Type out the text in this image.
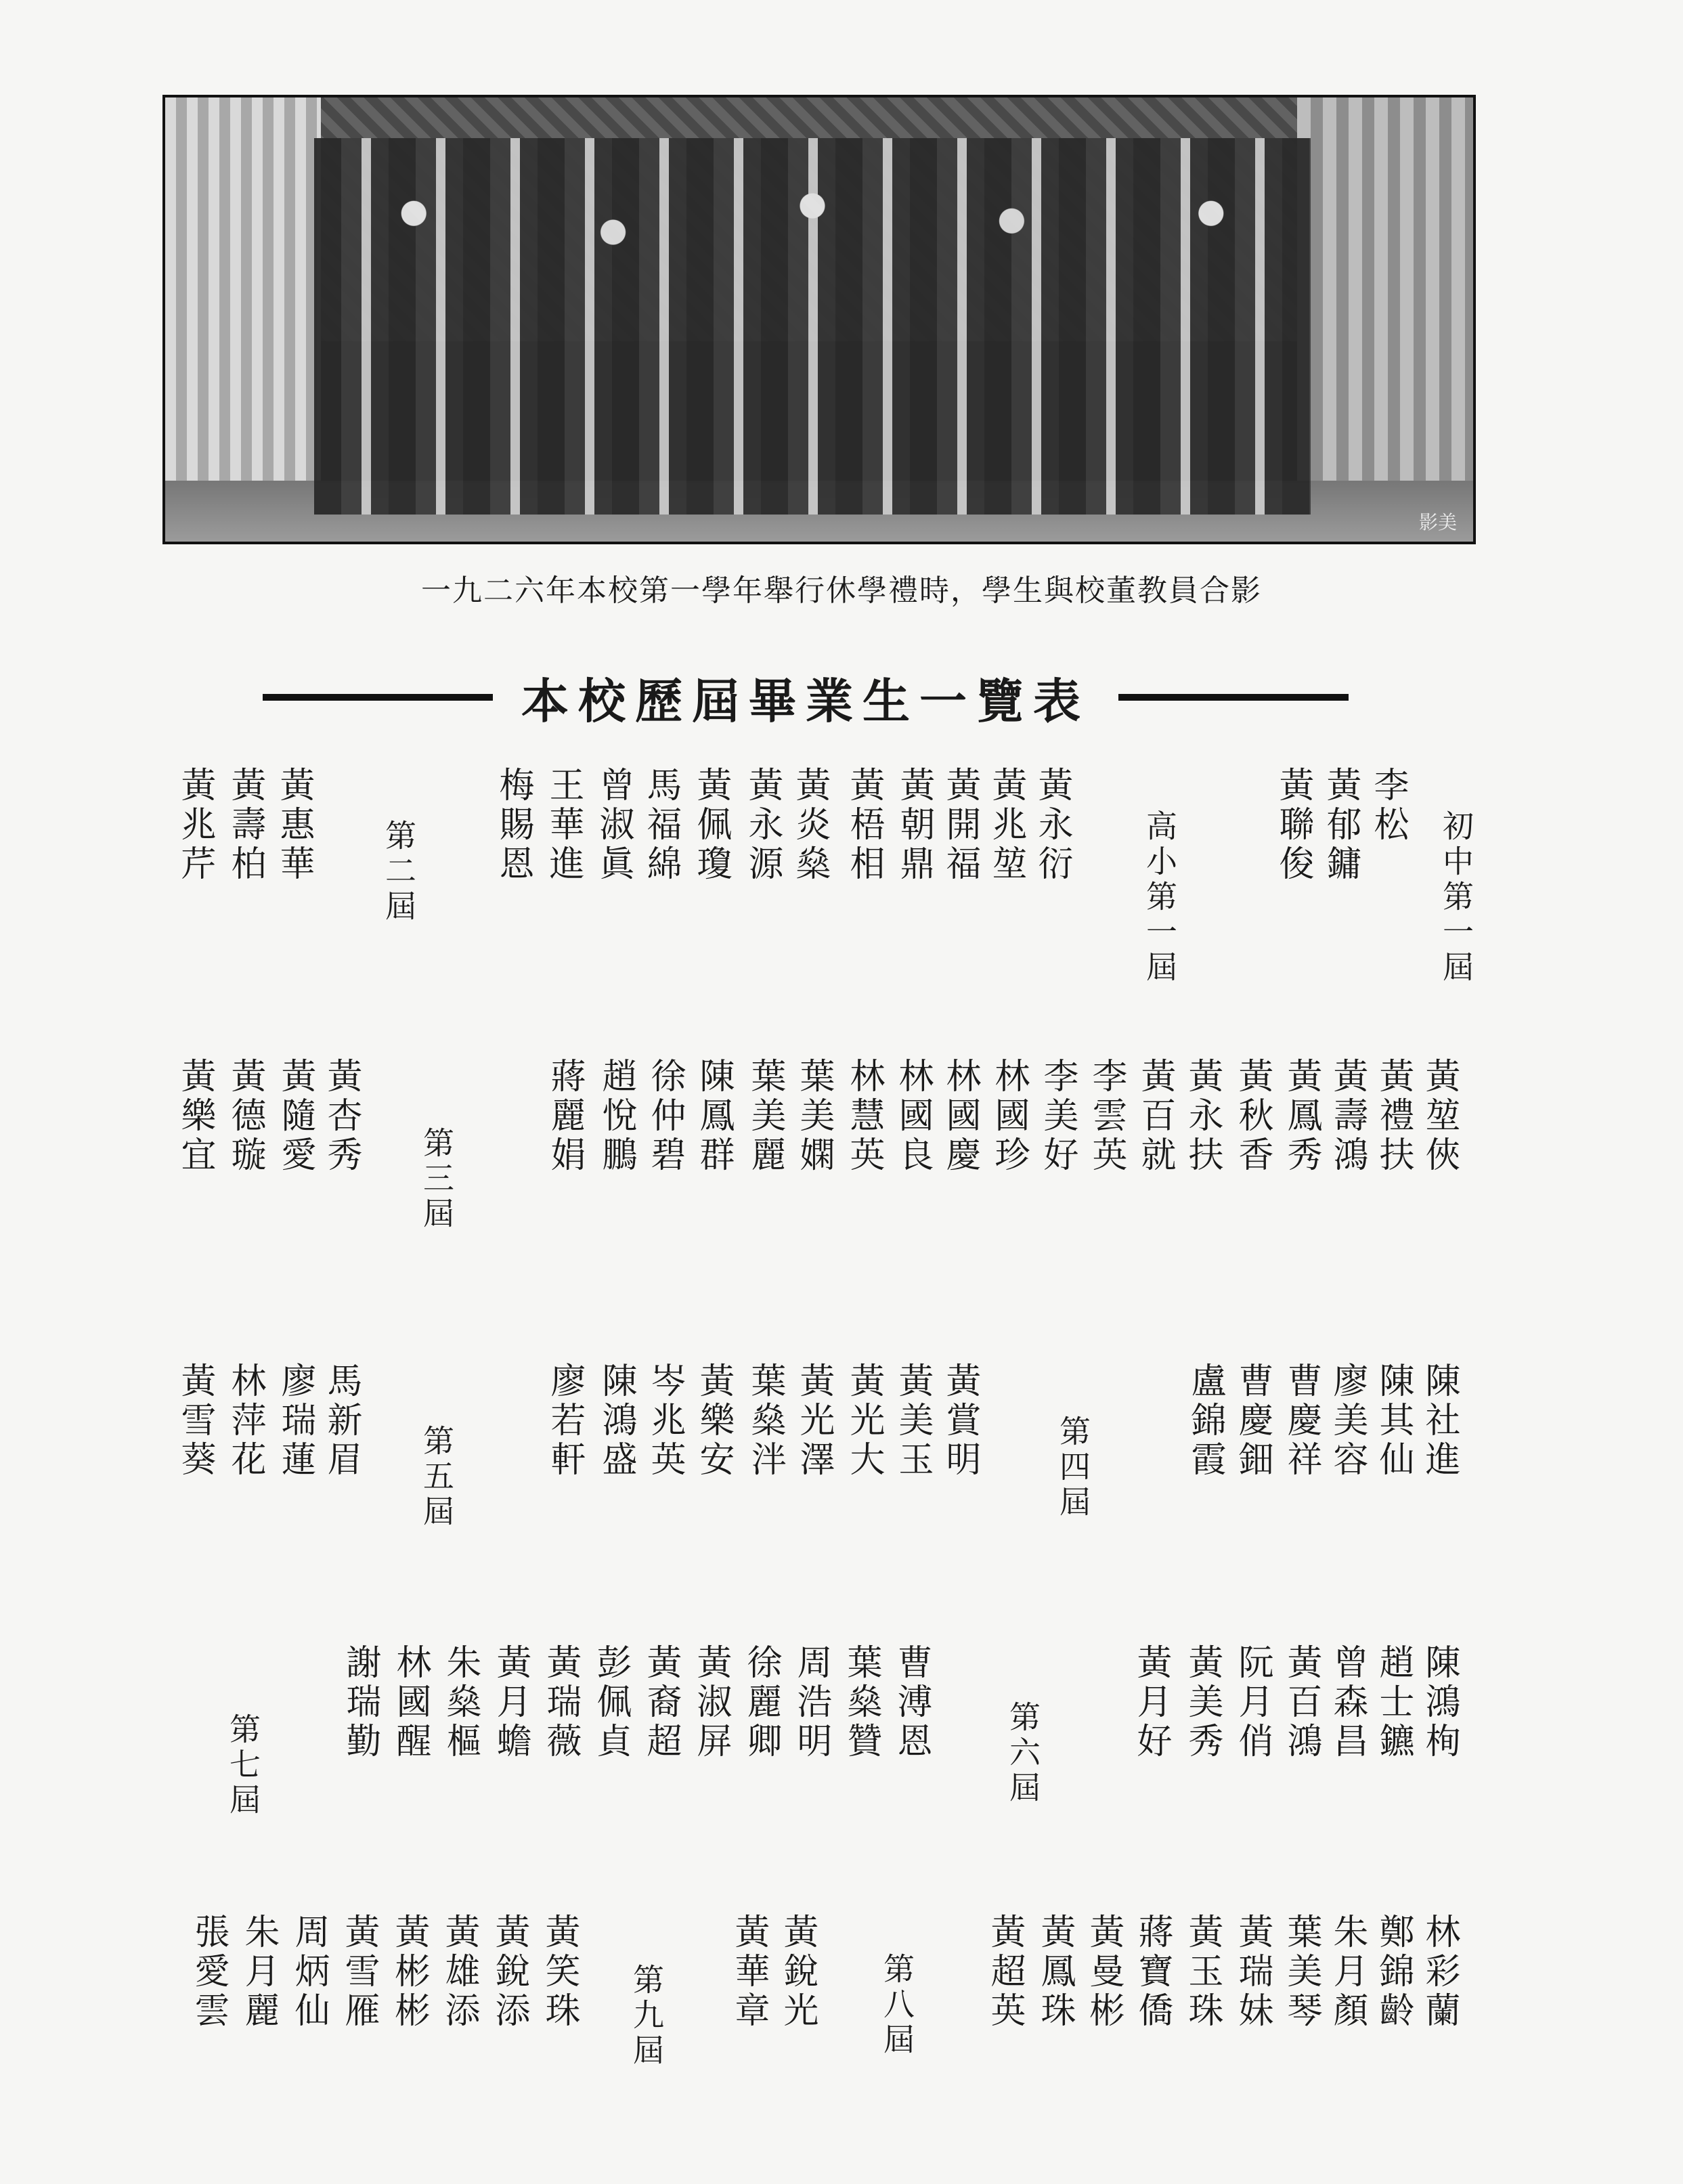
影美
一九二六年本校第一學年舉行休學禮時，學生與校董教員合影
本校歷屆畢業生一覽表
初中第一屆
李松
黃郁鏞
黃聯俊
高小第一屆
黃永衍
黃兆堃
黃開福
黃朝鼎
黃梧相
黃炎燊
黃永源
黃佩瓊
馬福綿
曾淑眞
王華進
梅賜恩
第二屆
黃惠華
黃壽柏
黃兆芹
黃堃俠
黃禮扶
黃壽鴻
黃鳳秀
黃秋香
黃永扶
黃百就
李雲英
李美好
林國珍
林國慶
林國良
林慧英
葉美嫻
葉美麗
陳鳳群
徐仲碧
趙悅鵬
蔣麗娟
第三屆
黃杏秀
黃隨愛
黃德璇
黃樂宜
陳社進
陳其仙
廖美容
曹慶祥
曹慶鈿
盧錦霞
第四屆
黃賞明
黃美玉
黃光大
黃光澤
葉燊泮
黃樂安
岑兆英
陳鴻盛
廖若軒
第五屆
馬新眉
廖瑞蓮
林萍花
黃雪葵
陳鴻栒
趙士鑣
曾森昌
黃百鴻
阮月俏
黃美秀
黃月好
第六屆
曹溥恩
葉燊贊
周浩明
徐麗卿
黃淑屏
黃裔超
彭佩貞
黃瑞薇
黃月蟾
朱燊樞
林國醒
謝瑞勤
第七屆
林彩蘭
鄭錦齡
朱月顏
葉美琴
黃瑞妹
黃玉珠
蔣寶僑
黃曼彬
黃鳳珠
黃超英
第八屆
黃銳光
黃華章
第九屆
黃笑珠
黃銳添
黃雄添
黃彬彬
黃雪雁
周炳仙
朱月麗
張愛雲
